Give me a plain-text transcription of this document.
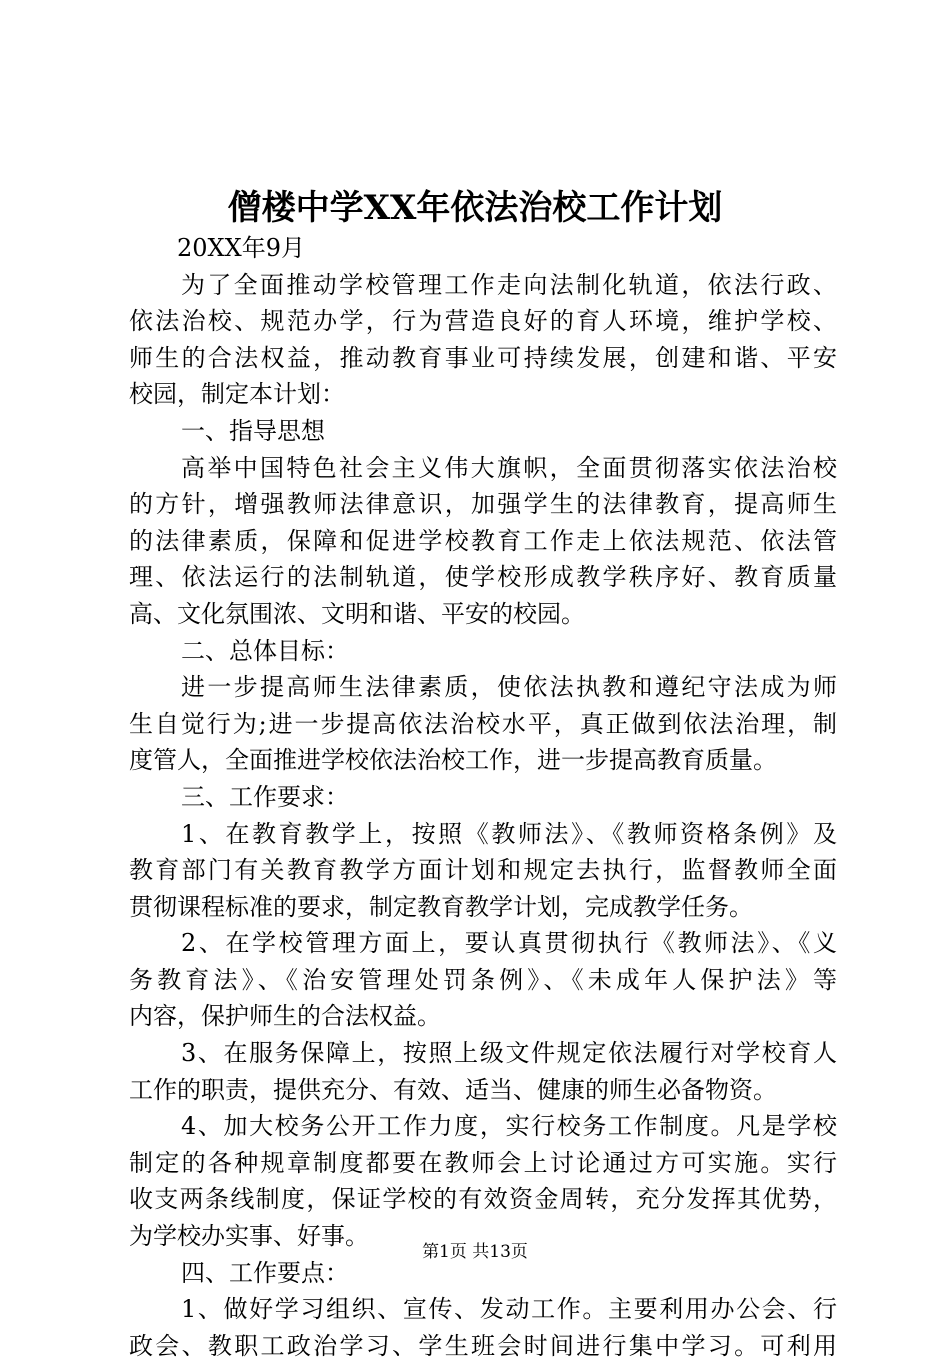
僧楼中学XX年依法治校工作计划
20XX年9月
为了全面推动学校管理工作走向法制化轨道，依法行政、
依法治校、规范办学，行为营造良好的育人环境，维护学校、
师生的合法权益，推动教育事业可持续发展，创建和谐、平安
校园，制定本计划：
一、指导思想
高举中国特色社会主义伟大旗帜，全面贯彻落实依法治校
的方针，增强教师法律意识，加强学生的法律教育，提高师生
的法律素质，保障和促进学校教育工作走上依法规范、依法管
理、依法运行的法制轨道，使学校形成教学秩序好、教育质量
高、文化氛围浓、文明和谐、平安的校园。
二、总体目标：
进一步提高师生法律素质，使依法执教和遵纪守法成为师
生自觉行为;进一步提高依法治校水平，真正做到依法治理，制
度管人，全面推进学校依法治校工作，进一步提高教育质量。
三、工作要求：
1、在教育教学上，按照《教师法》、《教师资格条例》及
教育部门有关教育教学方面计划和规定去执行，监督教师全面
贯彻课程标准的要求，制定教育教学计划，完成教学任务。
2、在学校管理方面上，要认真贯彻执行《教师法》、《义
务教育法》、《治安管理处罚条例》、《未成年人保护法》等
内容，保护师生的合法权益。
3、在服务保障上，按照上级文件规定依法履行对学校育人
工作的职责，提供充分、有效、适当、健康的师生必备物资。
4、加大校务公开工作力度，实行校务工作制度。凡是学校
制定的各种规章制度都要在教师会上讨论通过方可实施。实行
收支两条线制度，保证学校的有效资金周转，充分发挥其优势，
为学校办实事、好事。
四、工作要点：
1、做好学习组织、宣传、发动工作。主要利用办公会、行
政会、教职工政治学习、学生班会时间进行集中学习。可利用
第1页 共13页
